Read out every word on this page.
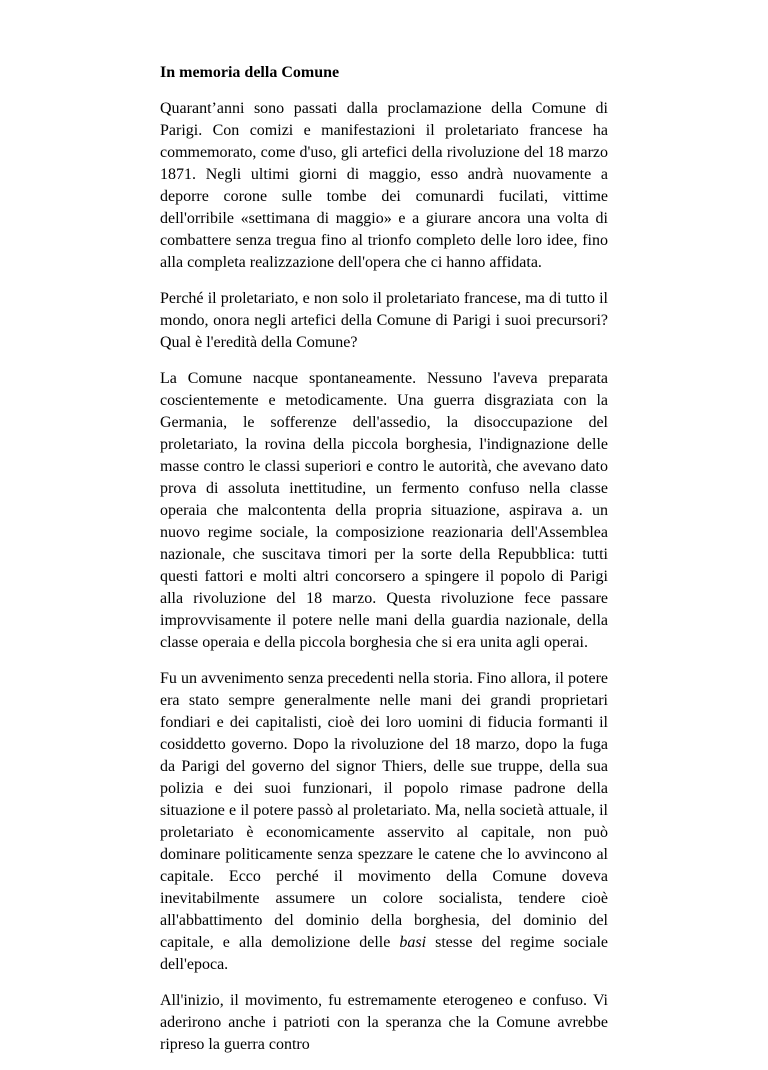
In memoria della Comune

Quarant’anni sono passati dalla proclamazione della Comune di Parigi. Con comizi e manifestazioni il proletariato francese ha commemorato, come d'uso, gli artefici della rivoluzione del 18 marzo 1871. Negli ultimi giorni di maggio, esso andrà nuovamente a deporre corone sulle tombe dei comunardi fucilati, vittime dell'orribile «settimana di maggio» e a giurare ancora una volta di combattere senza tregua fino al trionfo completo delle loro idee, fino alla completa realizzazione dell'opera che ci hanno affidata.

Perché il proletariato, e non solo il proletariato francese, ma di tutto il mondo, onora negli artefici della Comune di Parigi i suoi precursori? Qual è l'eredità della Comune?

La Comune nacque spontaneamente. Nessuno l'aveva preparata coscientemente e metodicamente. Una guerra disgraziata con la Germania, le sofferenze dell'assedio, la disoccupazione del proletariato, la rovina della piccola borghesia, l'indignazione delle masse contro le classi superiori e contro le autorità, che avevano dato prova di assoluta inettitudine, un fermento confuso nella classe operaia che malcontenta della propria situazione, aspirava a. un nuovo regime sociale, la composizione reazionaria dell'Assemblea nazionale, che suscitava timori per la sorte della Repubblica: tutti questi fattori e molti altri concorsero a spingere il popolo di Parigi alla rivoluzione del 18 marzo. Questa rivoluzione fece passare improvvisamente il potere nelle mani della guardia nazionale, della classe operaia e della piccola borghesia che si era unita agli operai.

Fu un avvenimento senza precedenti nella storia. Fino allora, il potere era stato sempre generalmente nelle mani dei grandi proprietari fondiari e dei capitalisti, cioè dei loro uomini di fiducia formanti il cosiddetto governo. Dopo la rivoluzione del 18 marzo, dopo la fuga da Parigi del governo del signor Thiers, delle sue truppe, della sua polizia e dei suoi funzionari, il popolo rimase padrone della situazione e il potere passò al proletariato. Ma, nella società attuale, il proletariato è economicamente asservito al capitale, non può dominare politicamente senza spezzare le catene che lo avvincono al capitale. Ecco perché il movimento della Comune doveva inevitabilmente assumere un colore socialista, tendere cioè all'abbattimento del dominio della borghesia, del dominio del capitale, e alla demolizione delle basi stesse del regime sociale dell'epoca.

All'inizio, il movimento, fu estremamente eterogeneo e confuso. Vi aderirono anche i patrioti con la speranza che la Comune avrebbe ripreso la guerra contro
